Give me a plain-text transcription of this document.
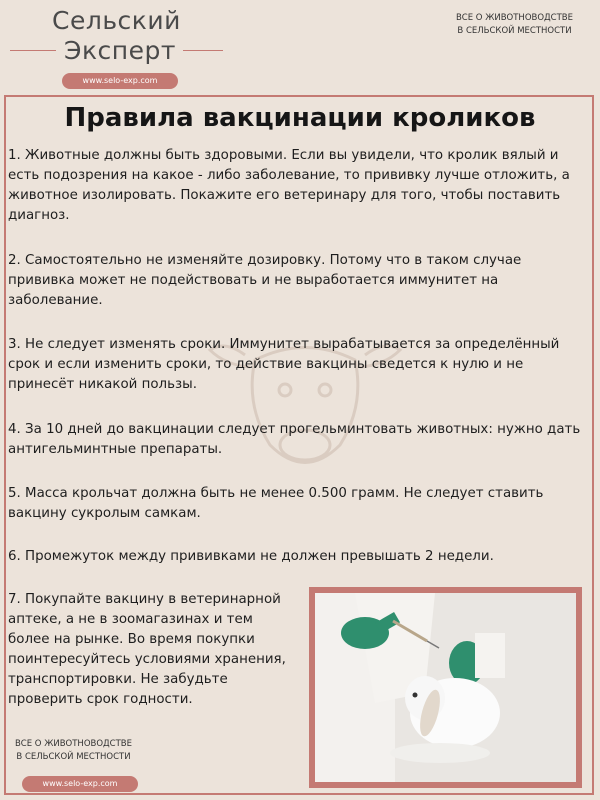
Сельский
Эксперт
www.selo-exp.com
ВСЕ О ЖИВОТНОВОДСТВЕ
В СЕЛЬСКОЙ МЕСТНОСТИ
Правила вакцинации кроликов

1. Животные должны быть здоровыми. Если вы увидели, что кролик вялый и есть подозрения на какое - либо заболевание, то прививку лучше отложить, а животное изолировать. Покажите его ветеринару для того, чтобы поставить диагноз.

2. Самостоятельно не изменяйте дозировку. Потому что в таком случае прививка может не подействовать и не выработается иммунитет на заболевание.

3. Не следует изменять сроки. Иммунитет вырабатывается за определённый срок и если изменить сроки, то действие вакцины сведется к нулю и не принесёт никакой пользы.

4. За 10 дней до вакцинации следует прогельминтовать животных: нужно дать антигельминтные препараты.

5. Масса крольчат должна быть не менее 0.500 грамм. Не следует ставить вакцину сукролым самкам.

6. Промежуток между прививками не должен превышать 2 недели.

7. Покупайте вакцину в ветеринарной аптеке, а не в зоомагазинах и тем более на рынке. Во время покупки поинтересуйтесь условиями хранения, транспортировки. Не забудьте проверить срок годности.

ВСЕ О ЖИВОТНОВОДСТВЕ
В СЕЛЬСКОЙ МЕСТНОСТИ
www.selo-exp.com
